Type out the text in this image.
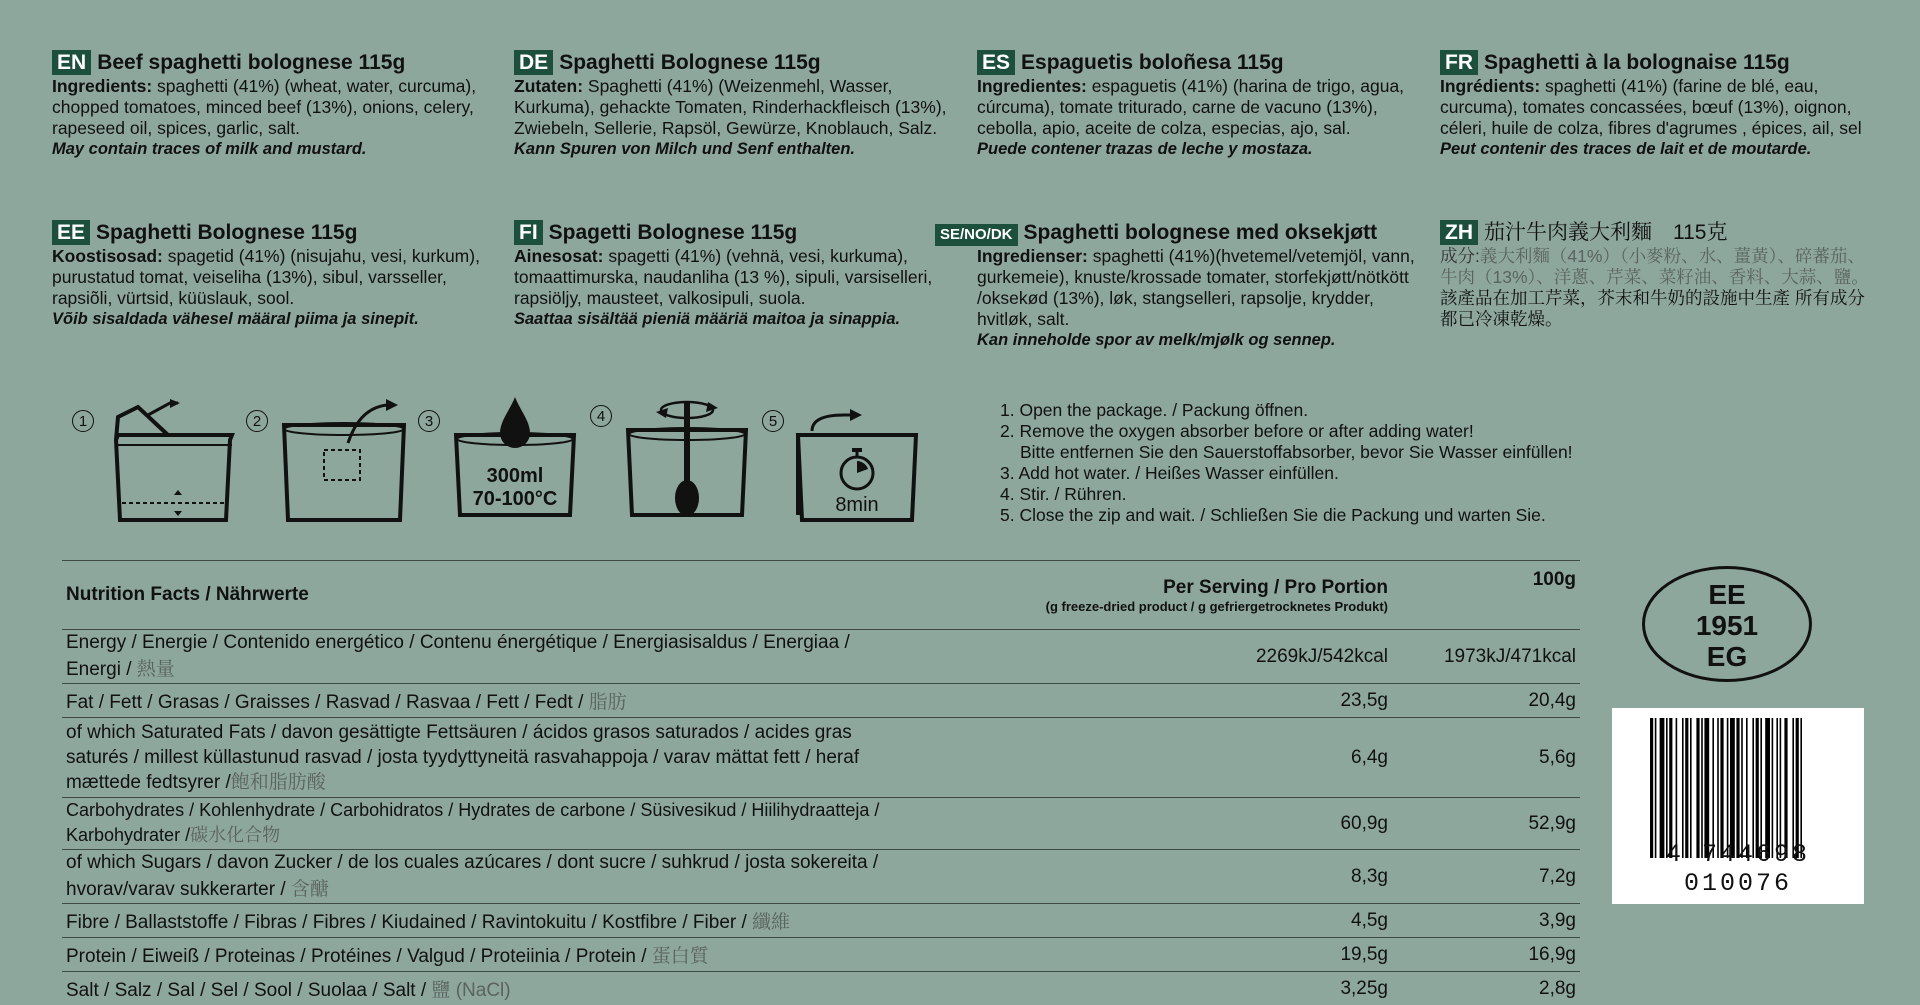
EN Beef spaghetti bolognese 115g
Ingredients: spaghetti (41%) (wheat, water, curcuma), chopped tomatoes, minced beef (13%), onions, celery, rapeseed oil, spices, garlic, salt.
May contain traces of milk and mustard.
DE Spaghetti Bolognese 115g
Zutaten: Spaghetti (41%) (Weizenmehl, Wasser, Kurkuma), gehackte Tomaten, Rinderhackfleisch (13%), Zwiebeln, Sellerie, Rapsöl, Gewürze, Knoblauch, Salz.
Kann Spuren von Milch und Senf enthalten.
ES Espaguetis boloñesa 115g
Ingredientes: espaguetis (41%) (harina de trigo, agua, cúrcuma), tomate triturado, carne de vacuno (13%), cebolla, apio, aceite de colza, especias, ajo, sal.
Puede contener trazas de leche y mostaza.
FR Spaghetti à la bolognaise 115g
Ingrédients: spaghetti (41%) (farine de blé, eau, curcuma), tomates concassées, bœuf (13%), oignon, céleri, huile de colza, fibres d'agrumes , épices, ail, sel
Peut contenir des traces de lait et de moutarde.
EE Spaghetti Bolognese 115g
Koostisosad: spagetid (41%) (nisujahu, vesi, kurkum), purustatud tomat, veiseliha (13%), sibul, varsseller, rapsiõli, vürtsid, küüslauk, sool.
Võib sisaldada vähesel määral piima ja sinepit.
FI Spagetti Bolognese 115g
Ainesosat: spagetti (41%) (vehnä, vesi, kurkuma), tomaattimurska, naudanliha (13 %), sipuli, varsiselleri, rapsiöljy, mausteet, valkosipuli, suola.
Saattaa sisältää pieniä määriä maitoa ja sinappia.
SE/NO/DK Spaghetti bolognese med oksekjøtt
Ingredienser: spaghetti (41%)(hvetemel/vetemjöl, vann, gurkemeie), knuste/krossade tomater, storfekjøtt/nötkött /oksekød (13%), løk, stangselleri, rapsolje, krydder, hvitløk, salt.
Kan inneholde spor av melk/mjølk og sennep.
ZH 茄汁牛肉義大利麵　115克
成分:義大利麵（41%）（小麥粉、水、薑黃）、碎蕃茄、牛肉（13%）、洋蔥、芹菜、菜籽油、香料、大蒜、鹽。
該產品在加工芹菜，芥末和牛奶的設施中生產 所有成分都已冷凍乾燥。
1	2	3
300ml
70-100°C
4	5
8min
1. Open the package. / Packung öffnen.
2. Remove the oxygen absorber before or after adding water!
Bitte entfernen Sie den Sauerstoffabsorber, bevor Sie Wasser einfüllen!
3. Add hot water. / Heißes Wasser einfüllen.
4. Stir. / Rühren.
5. Close the zip and wait. / Schließen Sie die Packung und warten Sie.
Nutrition Facts / Nährwerte	Per Serving / Pro Portion
(g freeze-dried product / g gefriergetrocknetes Produkt)	100g
Energy / Energie / Contenido energético / Contenu énergétique / Energiasisaldus / Energiaa / Energi / 熱量	2269kJ/542kcal	1973kJ/471kcal
Fat / Fett / Grasas / Graisses / Rasvad / Rasvaa / Fett / Fedt / 脂肪	23,5g	20,4g
of which Saturated Fats / davon gesättigte Fettsäuren / ácidos grasos saturados / acides gras saturés / millest küllastunud rasvad / josta tyydyttyneitä rasvahappoja / varav mättat fett / heraf mættede fedtsyrer /飽和脂肪酸	6,4g	5,6g
Carbohydrates / Kohlenhydrate / Carbohidratos / Hydrates de carbone / Süsivesikud / Hiilihydraatteja / Karbohydrater /碳水化合物	60,9g	52,9g
of which Sugars / davon Zucker / de los cuales azúcares / dont sucre / suhkrud / josta sokereita / hvorav/varav sukkerarter / 含醣	8,3g	7,2g
Fibre / Ballaststoffe / Fibras / Fibres / Kiudained / Ravintokuitu / Kostfibre / Fiber / 纖維	4,5g	3,9g
Protein / Eiweiß / Proteinas / Protéines / Valgud / Proteiinia / Protein / 蛋白質	19,5g	16,9g
Salt / Salz / Sal / Sel / Sool / Suolaa / Salt / 鹽 (NaCl)	3,25g	2,8g
EE
1951
EG
4 744698 010076
